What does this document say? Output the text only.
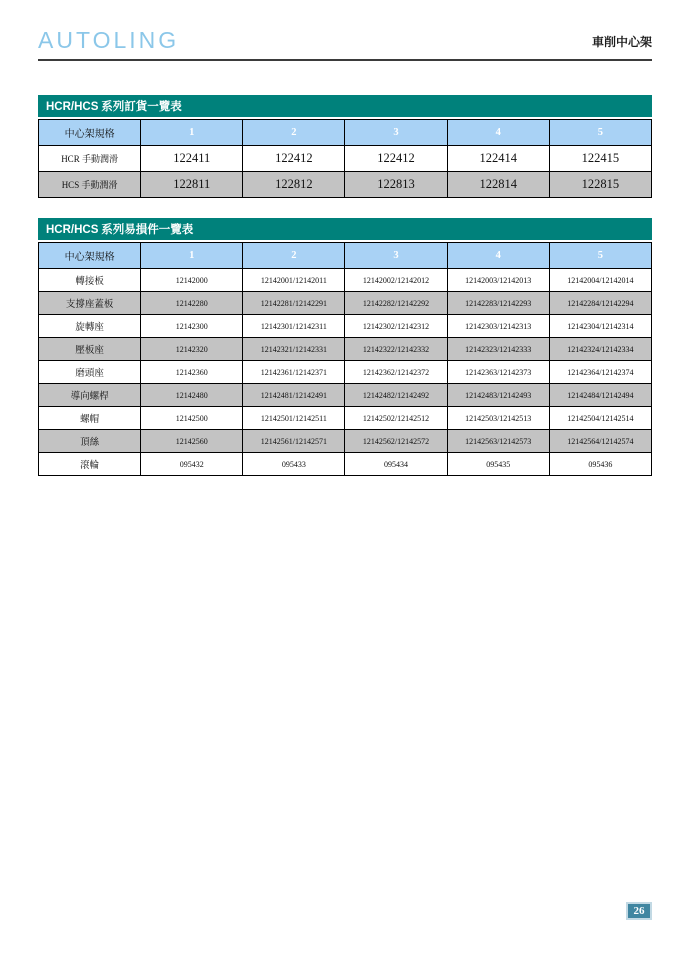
AUTOLING	車削中心架
HCR/HCS 系列訂貨一覽表
中心架規格	1	2	3	4	5
HCR 手動潤滑	122411	122412	122412	122414	122415
HCS 手動潤滑	122811	122812	122813	122814	122815
HCR/HCS 系列易損件一覽表
中心架規格	1	2	3	4	5
轉接板	12142000	12142001/12142011	12142002/12142012	12142003/12142013	12142004/12142014
支撐座蓋板	12142280	12142281/12142291	12142282/12142292	12142283/12142293	12142284/12142294
旋轉座	12142300	12142301/12142311	12142302/12142312	12142303/12142313	12142304/12142314
壓板座	12142320	12142321/12142331	12142322/12142332	12142323/12142333	12142324/12142334
磨頭座	12142360	12142361/12142371	12142362/12142372	12142363/12142373	12142364/12142374
導向螺桿	12142480	12142481/12142491	12142482/12142492	12142483/12142493	12142484/12142494
螺帽	12142500	12142501/12142511	12142502/12142512	12142503/12142513	12142504/12142514
頂絲	12142560	12142561/12142571	12142562/12142572	12142563/12142573	12142564/12142574
滾輪	095432	095433	095434	095435	095436
26
